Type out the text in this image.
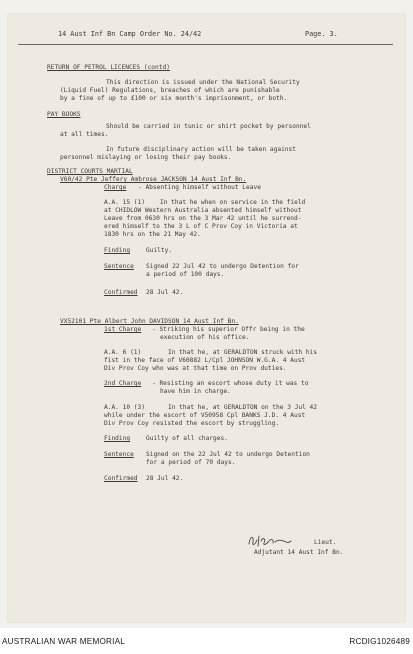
14 Aust Inf Bn Camp Order No. 24/42	Page. 3.
RETURN OF PETROL LICENCES (contd)
This direction is issued under the National Security
(Liquid Fuel) Regulations, breaches of which are punishable
by a fine of up to £100 or six month's imprisonment, or both.
PAY BOOKS
Should be carried in tunic or shirt pocket by personnel
at all times.
In future disciplinary action will be taken against
personnel mislaying or losing their pay books.
DISTRICT COURTS MARTIAL
V60/42 Pte Jeffery Ambrose JACKSON 14 Aust Inf Bn.
Charge - Absenting himself without Leave
A.A. 15 (1) In that he when on service in the field
at CHIDLOW Western Australia absented himself without
Leave from 0630 hrs on the 3 Mar 42 until he surrend-
ered himself to the 3 L of C Prov Coy in Victoria at
1830 hrs on the 21 May 42.
Finding	Guilty.
Sentence Signed 22 Jul 42 to undergo Detention for
a period of 100 days.
Confirmed 28 Jul 42.
VX52101 Pte Albert John DAVIDSON 14 Aust Inf Bn.
1st Charge - Striking his superior Offr being in the
execution of his office.
A.A. 6 (1)	In that he, at GERALDTON struck with his
fist in the face of V60882 L/Cpl JOHNSON W.G.A. 4 Aust
Div Prov Coy who was at that time on Prov duties.
2nd Charge - Resisting an escort whose duty it was to
have him in charge.
A.A. 10 (3)	In that he, at GERALDTON on the 3 Jul 42
while under the escort of V50958 Cpl BANKS J.D. 4 Aust
Div Prov Coy resisted the escort by struggling.
Finding	Guilty of all charges.
Sentence Signed on the 22 Jul 42 to undergo Detention
for a period of 70 days.
Confirmed 28 Jul 42.
Lieut.
Adjutant 14 Aust Inf Bn.
AUSTRALIAN WAR MEMORIAL	RCDIG1026489
